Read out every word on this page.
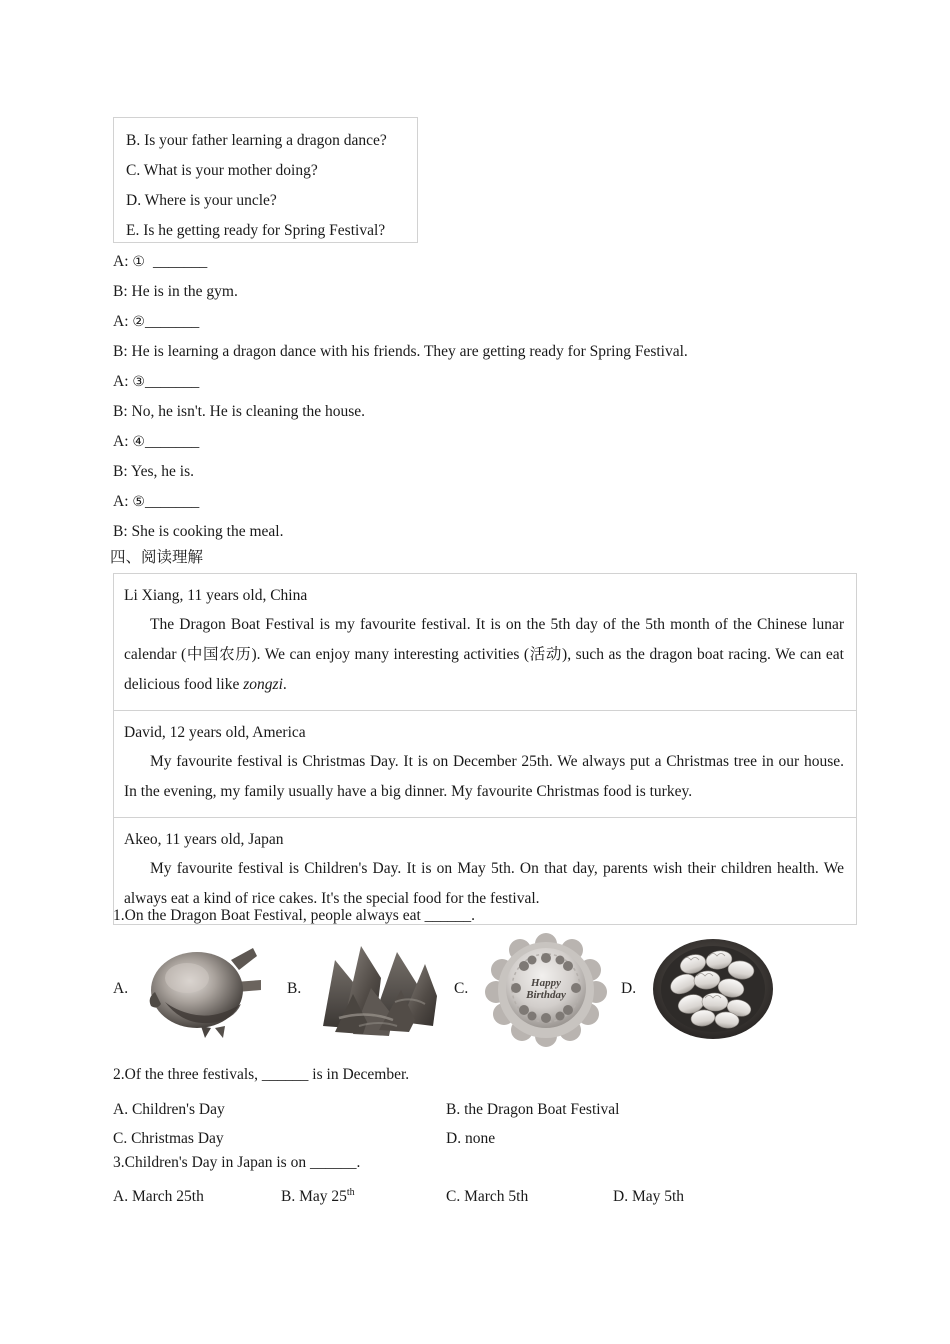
B. Is your father learning a dragon dance?
C. What is your mother doing?
D. Where is your uncle?
E. Is he getting ready for Spring Festival?
A: ① _______
B: He is in the gym.
A: ②_______
B: He is learning a dragon dance with his friends. They are getting ready for Spring Festival.
A: ③_______
B: No, he isn't. He is cleaning the house.
A: ④_______
B: Yes, he is.
A: ⑤_______
B: She is cooking the meal.
四、阅读理解
Li Xiang, 11 years old, China
The Dragon Boat Festival is my favourite festival. It is on the 5th day of the 5th month of the Chinese lunar calendar (中国农历). We can enjoy many interesting activities (活动), such as the dragon boat racing. We can eat delicious food like zongzi.
David, 12 years old, America
My favourite festival is Christmas Day. It is on December 25th. We always put a Christmas tree in our house. In the evening, my family usually have a big dinner. My favourite Christmas food is turkey.
Akeo, 11 years old, Japan
My favourite festival is Children's Day. It is on May 5th. On that day, parents wish their children health. We always eat a kind of rice cakes. It's the special food for the festival.
1.On the Dragon Boat Festival, people always eat ______.
A.	B.	C.	Happy
Birthday	D.
2.Of the three festivals, ______ is in December.
A. Children's Day	B. the Dragon Boat Festival
C. Christmas Day	D. none
3.Children's Day in Japan is on ______.
A. March 25th	B. May 25th	C. March 5th	D. May 5th
